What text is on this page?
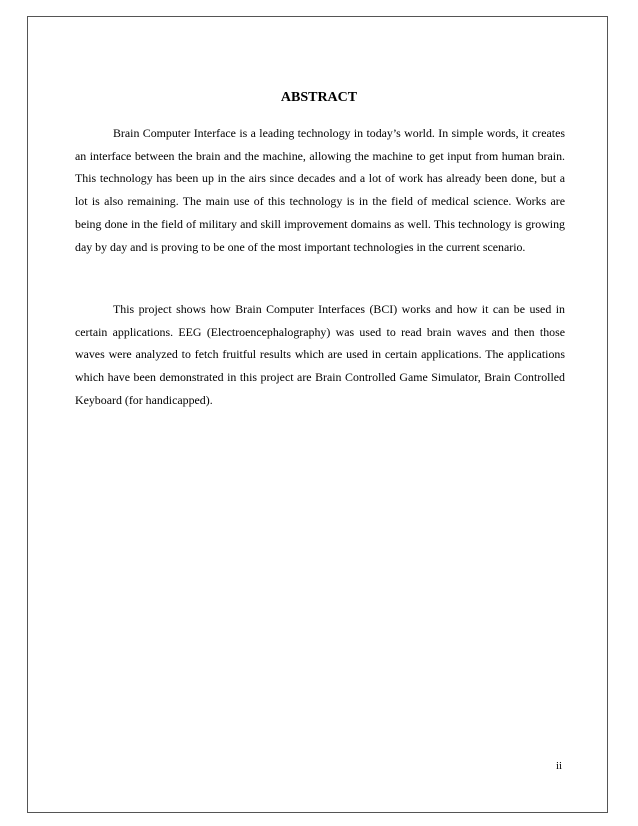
ABSTRACT

Brain Computer Interface is a leading technology in today’s world. In simple words, it creates an interface between the brain and the machine, allowing the machine to get input from human brain. This technology has been up in the airs since decades and a lot of work has already been done, but a lot is also remaining. The main use of this technology is in the field of medical science. Works are being done in the field of military and skill improvement domains as well. This technology is growing day by day and is proving to be one of the most important technologies in the current scenario.

This project shows how Brain Computer Interfaces (BCI) works and how it can be used in certain applications. EEG (Electroencephalography) was used to read brain waves and then those waves were analyzed to fetch fruitful results which are used in certain applications. The applications which have been demonstrated in this project are Brain Controlled Game Simulator, Brain Controlled Keyboard (for handicapped).

ii
